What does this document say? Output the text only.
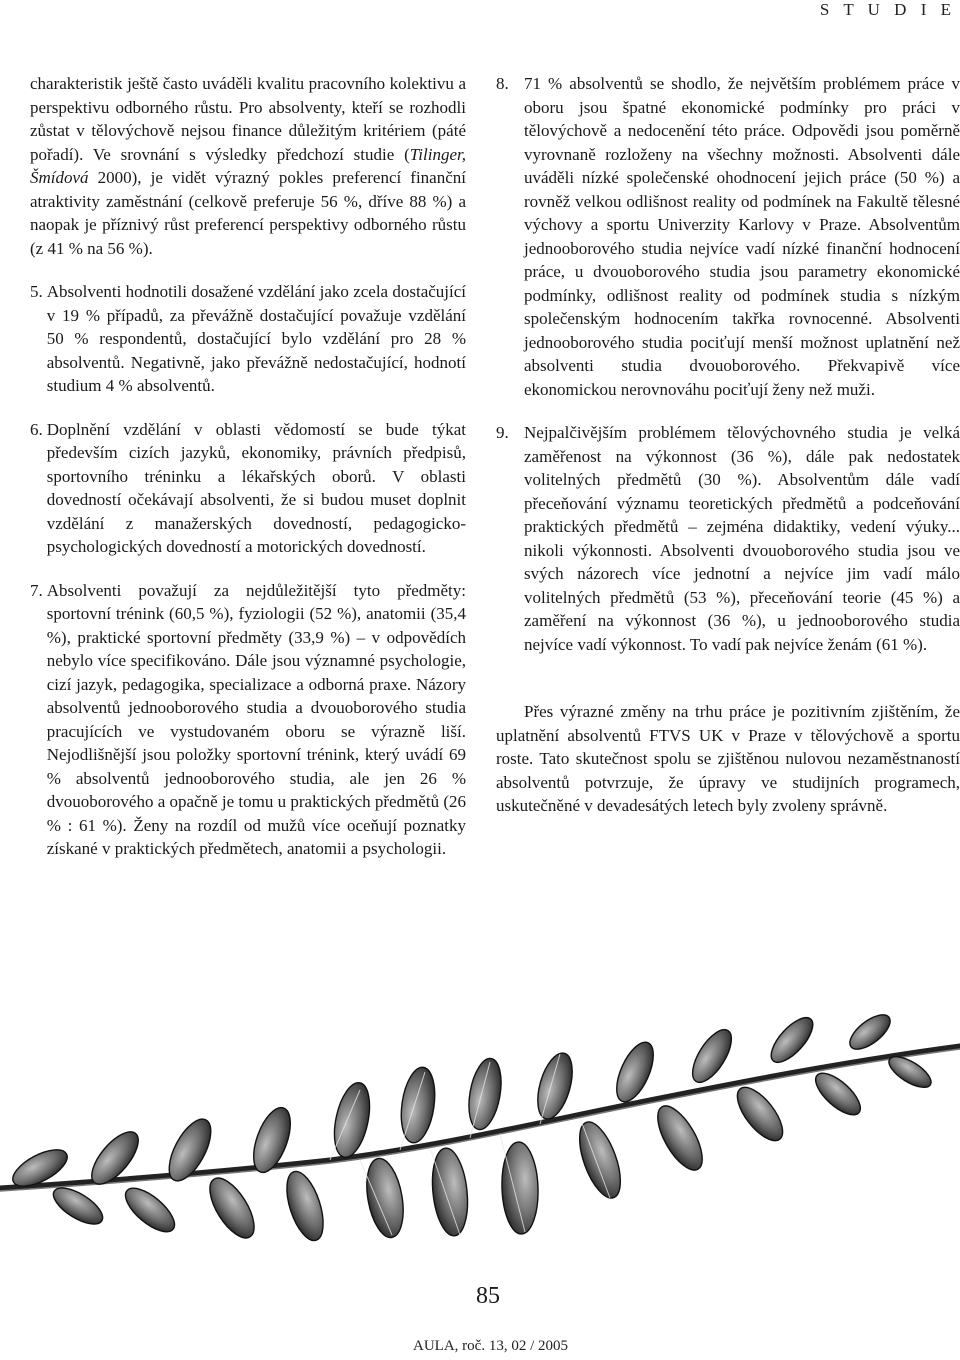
S T U D I E

charakteristik ještě často uváděli kvalitu pracovního kolektivu a perspektivu odborného růstu. Pro absolventy, kteří se rozhodli zůstat v tělovýchově nejsou finance důležitým kritériem (páté pořadí). Ve srovnání s výsledky předchozí studie (Tilinger, Šmídová 2000), je vidět výrazný pokles preferencí finanční atraktivity zaměstnání (celkově preferuje 56 %, dříve 88 %) a naopak je příznivý růst preferencí perspektivy odborného růstu (z 41 % na 56 %).

5. Absolventi hodnotili dosažené vzdělání jako zcela dostačující v 19 % případů, za převážně dostačující považuje vzdělání 50 % respondentů, dostačující bylo vzdělání pro 28 % absolventů. Negativně, jako převážně nedostačující, hodnotí studium 4 % absolventů.
6. Doplnění vzdělání v oblasti vědomostí se bude týkat především cizích jazyků, ekonomiky, právních předpisů, sportovního tréninku a lékařských oborů. V oblasti dovedností očekávají absolventi, že si budou muset doplnit vzdělání z manažerských dovedností, pedagogicko-psychologických dovedností a motorických dovedností.
7. Absolventi považují za nejdůležitější tyto předměty: sportovní trénink (60,5 %), fyziologii (52 %), anatomii (35,4 %), praktické sportovní předměty (33,9 %) – v odpovědích nebylo více specifikováno. Dále jsou významné psychologie, cizí jazyk, pedagogika, specializace a odborná praxe. Názory absolventů jednooborového studia a dvouoborového studia pracujících ve vystudovaném oboru se výrazně liší. Nejodlišnější jsou položky sportovní trénink, který uvádí 69 % absolventů jednooborového studia, ale jen 26 % dvouoborového a opačně je tomu u praktických předmětů (26 % : 61 %). Ženy na rozdíl od mužů více oceňují poznatky získané v praktických předmětech, anatomii a psychologii.
8. 71 % absolventů se shodlo, že největším problémem práce v oboru jsou špatné ekonomické podmínky pro práci v tělovýchově a nedocenění této práce. Odpovědi jsou poměrně vyrovnaně rozloženy na všechny možnosti. Absolventi dále uváděli nízké společenské ohodnocení jejich práce (50 %) a rovněž velkou odlišnost reality od podmínek na Fakultě tělesné výchovy a sportu Univerzity Karlovy v Praze. Absolventům jednooborového studia nejvíce vadí nízké finanční hodnocení práce, u dvouoborového studia jsou parametry ekonomické podmínky, odlišnost reality od podmínek studia s nízkým společenským hodnocením takřka rovnocenné. Absolventi jednooborového studia pociťují menší možnost uplatnění než absolventi studia dvouoborového. Překvapivě více ekonomickou nerovnováhu pociťují ženy než muži.
9. Nejpalčivějším problémem tělovýchovného studia je velká zaměřenost na výkonnost (36 %), dále pak nedostatek volitelných předmětů (30 %). Absolventům dále vadí přeceňování významu teoretických předmětů a podceňování praktických předmětů – zejména didaktiky, vedení výuky... nikoli výkonnosti. Absolventi dvouoborového studia jsou ve svých názorech více jednotní a nejvíce jim vadí málo volitelných předmětů (53 %), přeceňování teorie (45 %) a zaměření na výkonnost (36 %), u jednooborového studia nejvíce vadí výkonnost. To vadí pak nejvíce ženám (61 %).

Přes výrazné změny na trhu práce je pozitivním zjištěním, že uplatnění absolventů FTVS UK v Praze v tělovýchově a sportu roste. Tato skutečnost spolu se zjištěnou nulovou nezaměstnaností absolventů potvrzuje, že úpravy ve studijních programech, uskutečněné v devadesátých letech byly zvoleny správně.

85
AULA, roč. 13, 02 / 2005
